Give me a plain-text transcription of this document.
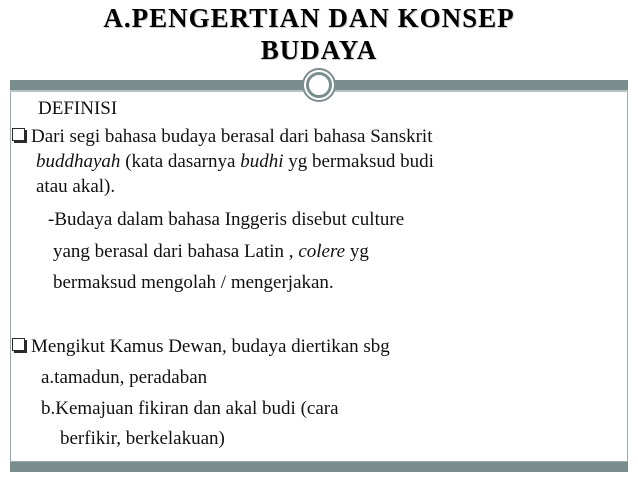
A.PENGERTIAN DAN KONSEP
BUDAYA
DEFINISI
Dari segi bahasa budaya berasal dari bahasa Sanskrit
buddhayah (kata dasarnya budhi yg bermaksud budi
atau akal).
-Budaya dalam bahasa Inggeris disebut culture
yang berasal dari bahasa Latin , colere yg
bermaksud mengolah / mengerjakan.
Mengikut Kamus Dewan, budaya diertikan sbg
a.tamadun, peradaban
b.Kemajuan fikiran dan akal budi (cara
berfikir, berkelakuan)
